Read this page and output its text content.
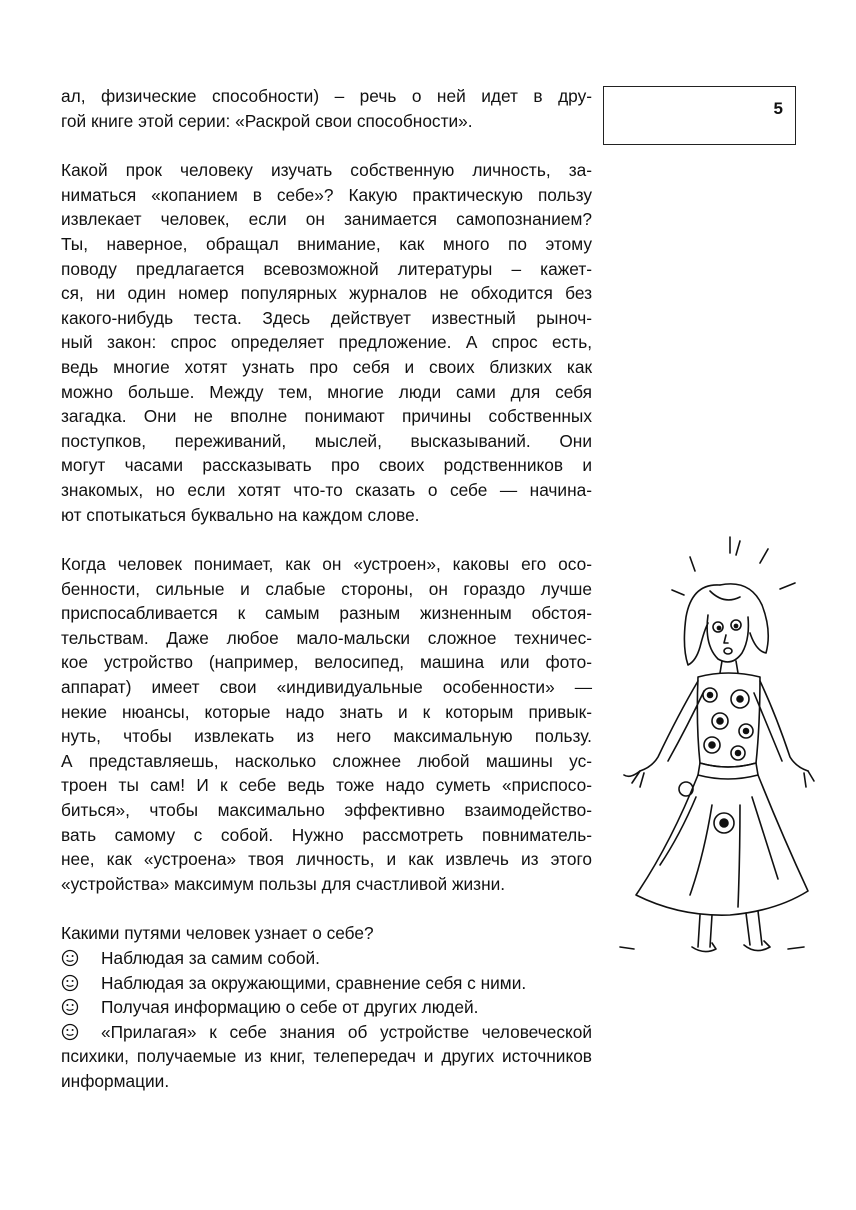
5

ал, физические способности) – речь о ней идет в дру-
гой книге этой серии: «Раскрой свои способности».

Какой прок человеку изучать собственную личность, за-
ниматься «копанием в себе»? Какую практическую пользу
извлекает человек, если он занимается самопознанием?
Ты, наверное, обращал внимание, как много по этому
поводу предлагается всевозможной литературы – кажет-
ся, ни один номер популярных журналов не обходится без
какого-нибудь теста. Здесь действует известный рыноч-
ный закон: спрос определяет предложение. А спрос есть,
ведь многие хотят узнать про себя и своих близких как
можно больше. Между тем, многие люди сами для себя
загадка. Они не вполне понимают причины собственных
поступков, переживаний, мыслей, высказываний. Они
могут часами рассказывать про своих родственников и
знакомых, но если хотят что-то сказать о себе — начина-
ют спотыкаться буквально на каждом слове.

Когда человек понимает, как он «устроен», каковы его осо-
бенности, сильные и слабые стороны, он гораздо лучше
приспосабливается к самым разным жизненным обстоя-
тельствам. Даже любое мало-мальски сложное техничес-
кое устройство (например, велосипед, машина или фото-
аппарат) имеет свои «индивидуальные особенности» —
некие нюансы, которые надо знать и к которым привык-
нуть, чтобы извлекать из него максимальную пользу.
А представляешь, насколько сложнее любой машины ус-
троен ты сам! И к себе ведь тоже надо суметь «приспосо-
биться», чтобы максимально эффективно взаимодейство-
вать самому с собой. Нужно рассмотреть повниматель-
нее, как «устроена» твоя личность, и как извлечь из этого
«устройства» максимум пользы для счастливой жизни.

Какими путями человек узнает о себе?

Наблюдая за самим собой.
Наблюдая за окружающими, сравнение себя с ними.
Получая информацию о себе от других людей.
«Прилагая» к себе знания об устройстве человеческой психики, получаемые из книг, телепередач и других источников информации.
